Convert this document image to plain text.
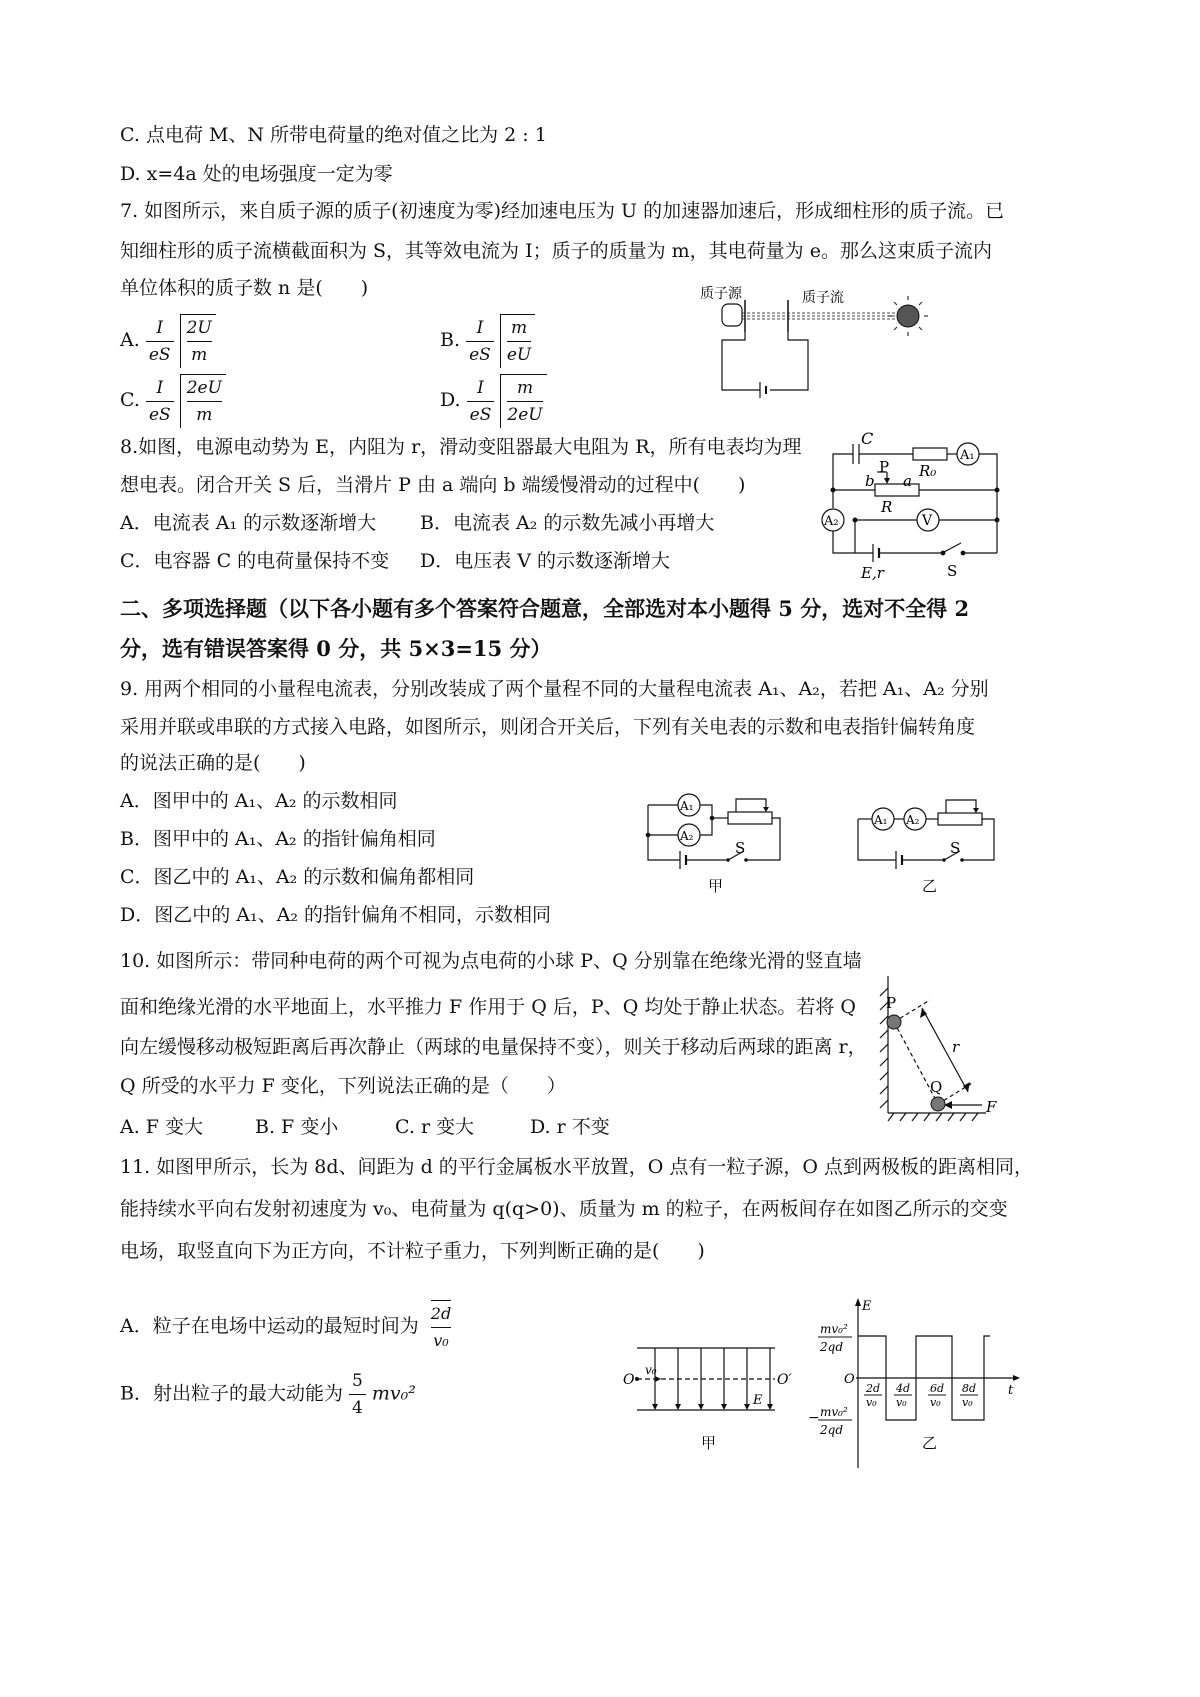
C. 点电荷 M、N 所带电荷量的绝对值之比为 2 : 1
D. x=4a 处的电场强度一定为零
7. 如图所示，来自质子源的质子(初速度为零)经加速电压为 U 的加速器加速后，形成细柱形的质子流。已
知细柱形的质子流横截面积为 S，其等效电流为 I；质子的质量为 m，其电荷量为 e。那么这束质子流内
单位体积的质子数 n 是(　　)
A. $\frac{I}{eS}$
$\frac{2U}{m}$	B. $\frac{I}{eS}$
$\frac{m}{eU}$
C. $\frac{I}{eS}$
$\frac{2eU}{m}$	D. $\frac{I}{eS}$
$\frac{m}{2eU}$
质子源	质子流
8.如图，电源电动势为 E，内阻为 r，滑动变阻器最大电阻为 R，所有电表均为理
想电表。闭合开关 S 后，当滑片 P 由 a 端向 b 端缓慢滑动的过程中(　　)
A．电流表 A₁ 的示数逐渐增大 B．电流表 A₂ 的示数先减小再增大
C．电容器 C 的电荷量保持不变 D．电压表 V 的示数逐渐增大
C
P R₀
A₁
b a
R
A₂	V
E,r	S
二、多项选择题（以下各小题有多个答案符合题意，全部选对本小题得 5 分，选对不全得 2
分，选有错误答案得 0 分，共 5×3=15 分）
9. 用两个相同的小量程电流表，分别改装成了两个量程不同的大量程电流表 A₁、A₂，若把 A₁、A₂ 分别
采用并联或串联的方式接入电路，如图所示，则闭合开关后，下列有关电表的示数和电表指针偏转角度
的说法正确的是(　　)
A．图甲中的 A₁、A₂ 的示数相同
B．图甲中的 A₁、A₂ 的指针偏角相同
C．图乙中的 A₁、A₂ 的示数和偏角都相同
D．图乙中的 A₁、A₂ 的指针偏角不相同，示数相同
A₁
A₂
S
甲
A₁ A₂
S
乙
10. 如图所示：带同种电荷的两个可视为点电荷的小球 P、Q 分别靠在绝缘光滑的竖直墙
面和绝缘光滑的水平地面上，水平推力 F 作用于 Q 后，P、Q 均处于静止状态。若将 Q
向左缓慢移动极短距离后再次静止（两球的电量保持不变），则关于移动后两球的距离 r，
Q 所受的水平力 F 变化，下列说法正确的是（　　）
A. F 变大	B. F 变小	C. r 变大	D. r 不变
P
Q
r
F
11. 如图甲所示，长为 8d、间距为 d 的平行金属板水平放置，O 点有一粒子源，O 点到两极板的距离相同，
能持续水平向右发射初速度为 v₀、电荷量为 q(q>0)、质量为 m 的粒子，在两板间存在如图乙所示的交变
电场，取竖直向下为正方向，不计粒子重力，下列判断正确的是(　　)
A．粒子在电场中运动的最短时间为 $\frac{2d}{\text{v₀}}$
B．射出粒子的最大动能为 $\frac{5}{4} mv_0^2$
O
v₀
O′
E
甲
E
t
O
mv₀²
2qd
− mv₀²
2qd
2d
v₀
4d
v₀
6d
v₀
8d
v₀
乙
